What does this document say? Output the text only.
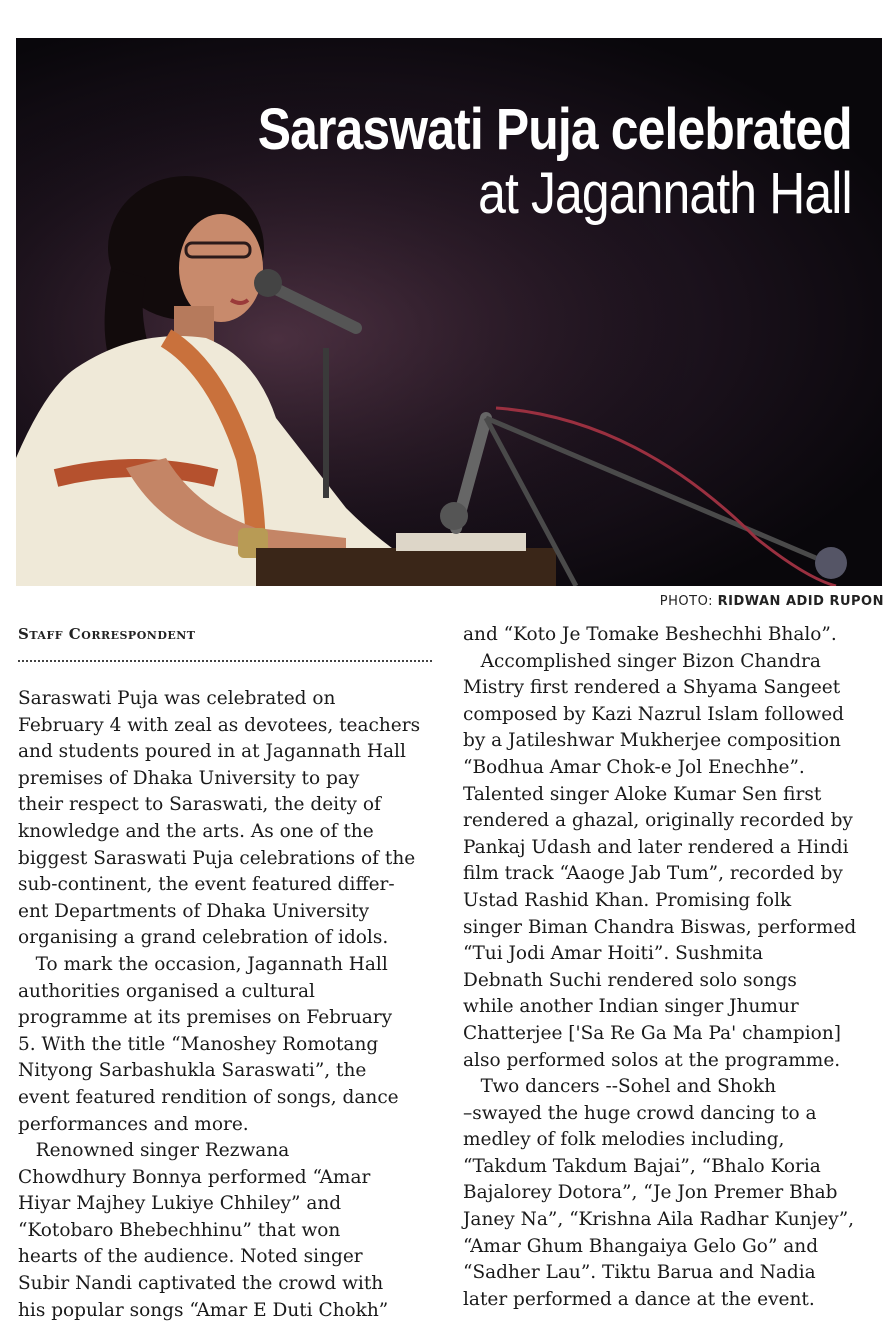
Saraswati Puja celebrated
at Jagannath Hall
PHOTO: RIDWAN ADID RUPON
Staff Correspondent
Saraswati Puja was celebrated on
February 4 with zeal as devotees, teachers
and students poured in at Jagannath Hall
premises of Dhaka University to pay
their respect to Saraswati, the deity of
knowledge and the arts. As one of the
biggest Saraswati Puja celebrations of the
sub-continent, the event featured differ-
ent Departments of Dhaka University
organising a grand celebration of idols.
To mark the occasion, Jagannath Hall
authorities organised a cultural
programme at its premises on February
5. With the title “Manoshey Romotang
Nityong Sarbashukla Saraswati”, the
event featured rendition of songs, dance
performances and more.
Renowned singer Rezwana
Chowdhury Bonnya performed “Amar
Hiyar Majhey Lukiye Chhiley” and
“Kotobaro Bhebechhinu” that won
hearts of the audience. Noted singer
Subir Nandi captivated the crowd with
his popular songs “Amar E Duti Chokh”
and “Koto Je Tomake Beshechhi Bhalo”.
Accomplished singer Bizon Chandra
Mistry first rendered a Shyama Sangeet
composed by Kazi Nazrul Islam followed
by a Jatileshwar Mukherjee composition
“Bodhua Amar Chok-e Jol Enechhe”.
Talented singer Aloke Kumar Sen first
rendered a ghazal, originally recorded by
Pankaj Udash and later rendered a Hindi
film track “Aaoge Jab Tum”, recorded by
Ustad Rashid Khan. Promising folk
singer Biman Chandra Biswas, performed
“Tui Jodi Amar Hoiti”. Sushmita
Debnath Suchi rendered solo songs
while another Indian singer Jhumur
Chatterjee ['Sa Re Ga Ma Pa' champion]
also performed solos at the programme.
Two dancers --Sohel and Shokh
–swayed the huge crowd dancing to a
medley of folk melodies including,
“Takdum Takdum Bajai”, “Bhalo Koria
Bajalorey Dotora”, “Je Jon Premer Bhab
Janey Na”, “Krishna Aila Radhar Kunjey”,
“Amar Ghum Bhangaiya Gelo Go” and
“Sadher Lau”. Tiktu Barua and Nadia
later performed a dance at the event.
